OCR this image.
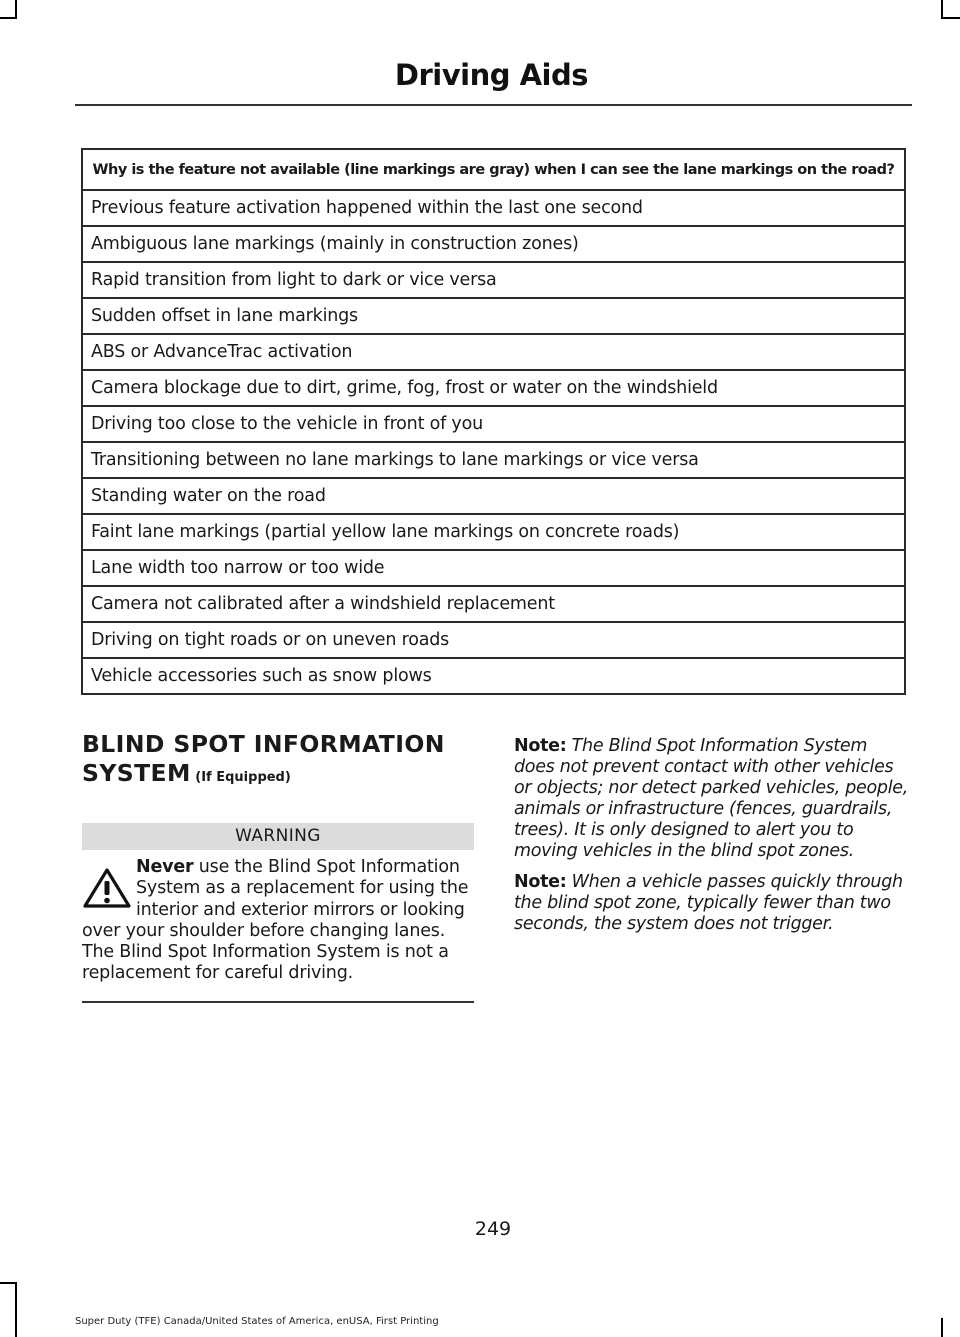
Driving Aids
Why is the feature not available (line markings are gray) when I can see the lane markings on the road?
Previous feature activation happened within the last one second
Ambiguous lane markings (mainly in construction zones)
Rapid transition from light to dark or vice versa
Sudden offset in lane markings
ABS or AdvanceTrac activation
Camera blockage due to dirt, grime, fog, frost or water on the windshield
Driving too close to the vehicle in front of you
Transitioning between no lane markings to lane markings or vice versa
Standing water on the road
Faint lane markings (partial yellow lane markings on concrete roads)
Lane width too narrow or too wide
Camera not calibrated after a windshield replacement
Driving on tight roads or on uneven roads
Vehicle accessories such as snow plows
BLIND SPOT INFORMATION
SYSTEM (If Equipped)
WARNING
Never use the Blind Spot Information System as a replacement for using the interior and exterior mirrors or looking over your shoulder before changing lanes. The Blind Spot Information System is not a replacement for careful driving.

Note: The Blind Spot Information System does not prevent contact with other vehicles or objects; nor detect parked vehicles, people, animals or infrastructure (fences, guardrails, trees). It is only designed to alert you to moving vehicles in the blind spot zones.

Note: When a vehicle passes quickly through the blind spot zone, typically fewer than two seconds, the system does not trigger.

249
Super Duty (TFE) Canada/United States of America, enUSA, First Printing
